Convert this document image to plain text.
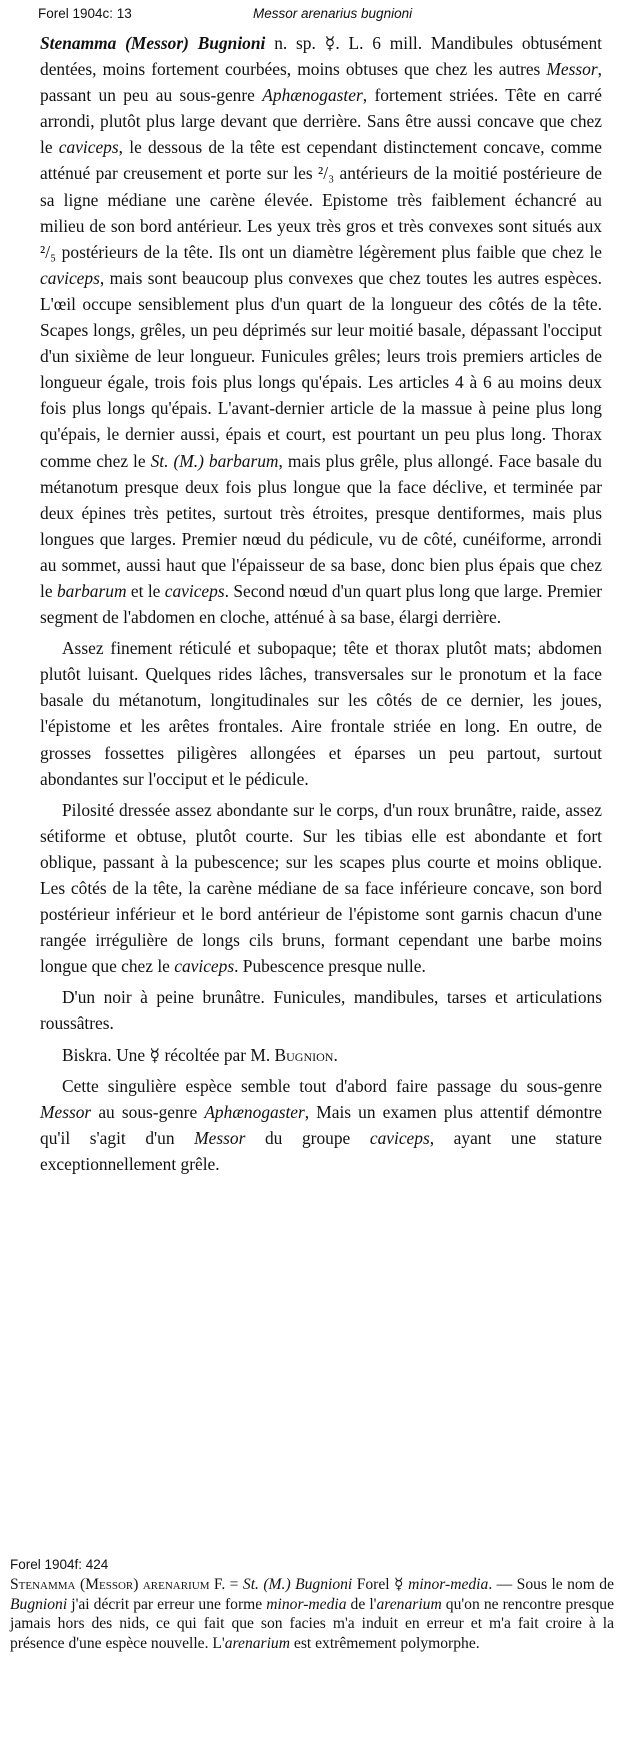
Forel 1904c: 13	Messor arenarius bugnioni

Stenamma (Messor) Bugnioni n. sp. ☿. L. 6 mill. Mandibules obtusément dentées, moins fortement courbées, moins obtuses que chez les autres Messor, passant un peu au sous-genre Aphænogaster, fortement striées. Tête en carré arrondi, plutôt plus large devant que derrière. Sans être aussi concave que chez le caviceps, le dessous de la tête est cependant distinctement concave, comme atténué par creusement et porte sur les ²/₃ antérieurs de la moitié postérieure de sa ligne médiane une carène élevée. Epistome très faiblement échancré au milieu de son bord antérieur. Les yeux très gros et très convexes sont situés aux ²/₅ postérieurs de la tête. Ils ont un diamètre légèrement plus faible que chez le caviceps, mais sont beaucoup plus convexes que chez toutes les autres espèces. L'œil occupe sensiblement plus d'un quart de la longueur des côtés de la tête. Scapes longs, grêles, un peu déprimés sur leur moitié basale, dépassant l'occiput d'un sixième de leur longueur. Funicules grêles; leurs trois premiers articles de longueur égale, trois fois plus longs qu'épais. Les articles 4 à 6 au moins deux fois plus longs qu'épais. L'avant-dernier article de la massue à peine plus long qu'épais, le dernier aussi, épais et court, est pourtant un peu plus long. Thorax comme chez le St. (M.) barbarum, mais plus grêle, plus allongé. Face basale du métanotum presque deux fois plus longue que la face déclive, et terminée par deux épines très petites, surtout très étroites, presque dentiformes, mais plus longues que larges. Premier nœud du pédicule, vu de côté, cunéiforme, arrondi au sommet, aussi haut que l'épaisseur de sa base, donc bien plus épais que chez le barbarum et le caviceps. Second nœud d'un quart plus long que large. Premier segment de l'abdomen en cloche, atténué à sa base, élargi derrière.

Assez finement réticulé et subopaque; tête et thorax plutôt mats; abdomen plutôt luisant. Quelques rides lâches, transversales sur le pronotum et la face basale du métanotum, longitudinales sur les côtés de ce dernier, les joues, l'épistome et les arêtes frontales. Aire frontale striée en long. En outre, de grosses fossettes piligères allongées et éparses un peu partout, surtout abondantes sur l'occiput et le pédicule.

Pilosité dressée assez abondante sur le corps, d'un roux brunâtre, raide, assez sétiforme et obtuse, plutôt courte. Sur les tibias elle est abondante et fort oblique, passant à la pubescence; sur les scapes plus courte et moins oblique. Les côtés de la tête, la carène médiane de sa face inférieure concave, son bord postérieur inférieur et le bord antérieur de l'épistome sont garnis chacun d'une rangée irrégulière de longs cils bruns, formant cependant une barbe moins longue que chez le caviceps. Pubescence presque nulle.

D'un noir à peine brunâtre. Funicules, mandibules, tarses et articulations roussâtres.

Biskra. Une ☿ récoltée par M. Bugnion.

Cette singulière espèce semble tout d'abord faire passage du sous-genre Messor au sous-genre Aphænogaster, Mais un examen plus attentif démontre qu'il s'agit d'un Messor du groupe caviceps, ayant une stature exceptionnellement grêle.

Forel 1904f: 424

Stenamma (Messor) arenarium F. = St. (M.) Bugnioni Forel ☿ minor-media. — Sous le nom de Bugnioni j'ai décrit par erreur une forme minor-media de l'arenarium qu'on ne rencontre presque jamais hors des nids, ce qui fait que son facies m'a induit en erreur et m'a fait croire à la présence d'une espèce nouvelle. L'arenarium est extrêmement polymorphe.
